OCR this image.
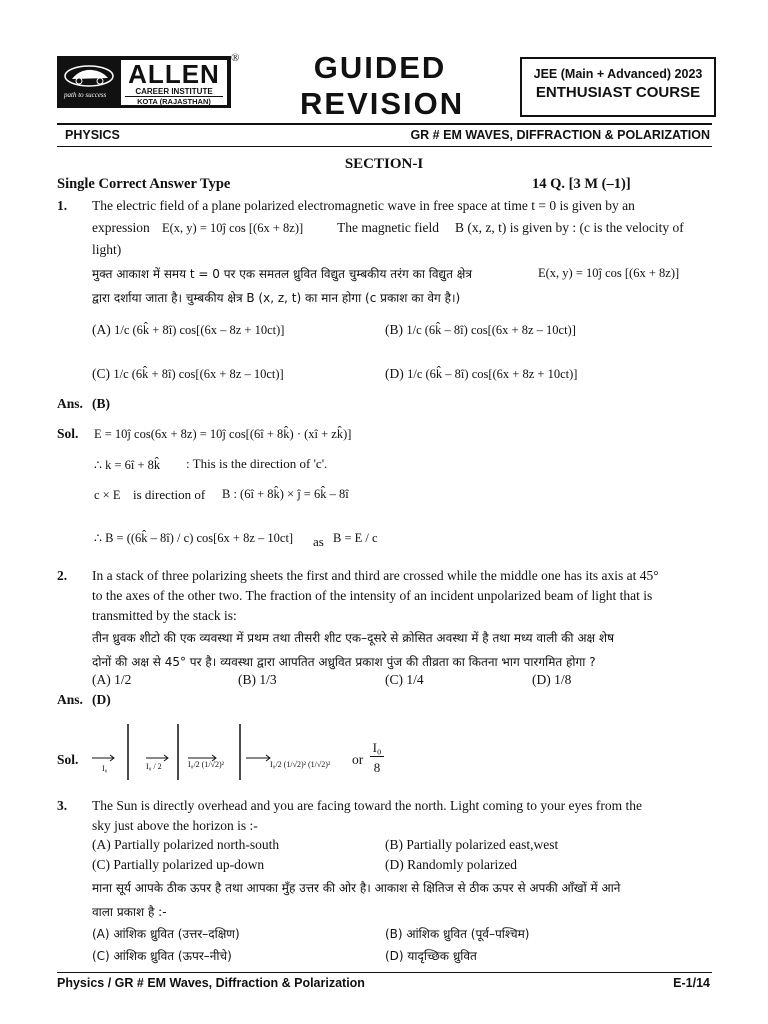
path to success
ALLEN
CAREER INSTITUTE
KOTA (RAJASTHAN)
®	GUIDED
REVISION
JEE (Main + Advanced) 2023
ENTHUSIAST COURSE
PHYSICS	GR # EM WAVES, DIFFRACTION & POLARIZATION
SECTION-I
Single Correct Answer Type	14 Q. [3 M (–1)]
1. The electric field of a plane polarized electromagnetic wave in free space at time t = 0 is given by an
expression E(x, y) = 10ĵ cos [(6x + 8z)]	The magnetic field B (x, z, t) is given by : (c is the velocity of
light)
मुक्त आकाश में समय t = 0 पर एक समतल ध्रुवित विद्युत चुम्बकीय तरंग का विद्युत क्षेत्र	E(x, y) = 10ĵ cos [(6x + 8z)]
द्वारा दर्शाया जाता है। चुम्बकीय क्षेत्र B (x, z, t) का मान होगा (c प्रकाश का वेग है।)
(A) 1/c (6k̂ + 8î) cos[(6x – 8z + 10ct)]	(B) 1/c (6k̂ – 8î) cos[(6x + 8z – 10ct)]
(C) 1/c (6k̂ + 8î) cos[(6x + 8z – 10ct)]	(D) 1/c (6k̂ – 8î) cos[(6x + 8z + 10ct)]
Ans. (B)
Sol. E = 10ĵ cos(6x + 8z) = 10ĵ cos[(6î + 8k̂) · (xî + zk̂)]
∴ k = 6î + 8k̂ : This is the direction of 'c'.
c × E is direction of B : (6î + 8k̂) × ĵ = 6k̂ – 8î
∴ B = ((6k̂ – 8î) / c) cos[6x + 8z – 10ct] as B = E / c
2. In a stack of three polarizing sheets the first and third are crossed while the middle one has its axis at 45°
to the axes of the other two. The fraction of the intensity of an incident unpolarized beam of light that is
transmitted by the stack is:
तीन ध्रुवक शीटो की एक व्यवस्था में प्रथम तथा तीसरी शीट एक–दूसरे से क्रोसित अवस्था में है तथा मध्य वाली की अक्ष शेष
दोनों की अक्ष से 45° पर है। व्यवस्था द्वारा आपतित अध्रुवित प्रकाश पुंज की तीव्रता का कितना भाग पारगमित होगा ?
(A) 1/2	(B) 1/3	(C) 1/4	(D) 1/8
Ans. (D)
Sol.
I₀	I₀ / 2	I₀/2 (1/√2)²	I₀/2 (1/√2)² (1/√2)² or
I₀
8
3. The Sun is directly overhead and you are facing toward the north. Light coming to your eyes from the
sky just above the horizon is :-
(A) Partially polarized north-south	(B) Partially polarized east,west
(C) Partially polarized up-down	(D) Randomly polarized
माना सूर्य आपके ठीक ऊपर है तथा आपका मुँह उत्तर की ओर है। आकाश से क्षितिज से ठीक ऊपर से अपकी आँखों में आने
वाला प्रकाश है :-
(A) आंशिक ध्रुवित (उत्तर–दक्षिण)	(B) आंशिक ध्रुवित (पूर्व–पश्चिम)
(C) आंशिक ध्रुवित (ऊपर–नीचे)	(D) यादृच्छिक ध्रुवित
Physics / GR # EM Waves, Diffraction & Polarization	E-1/14
